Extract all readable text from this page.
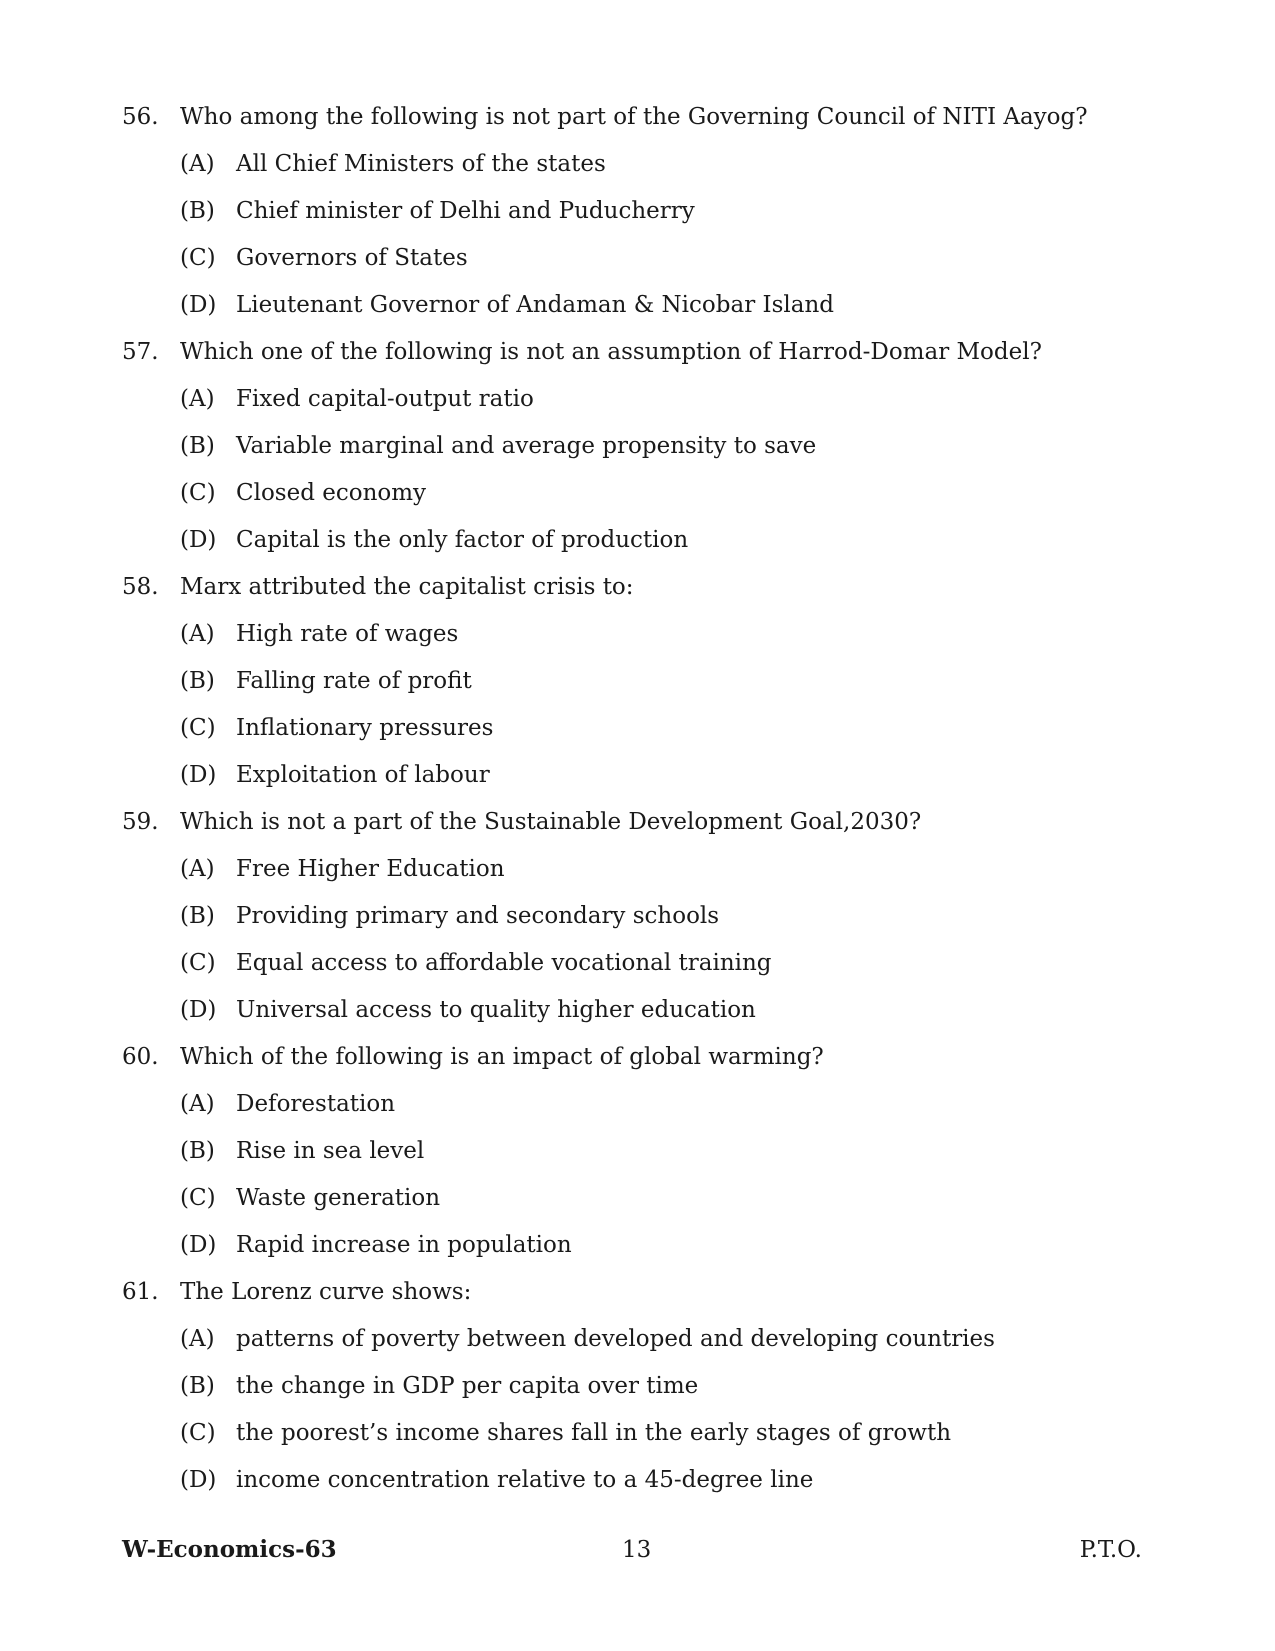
56. Who among the following is not part of the Governing Council of NITI Aayog?
(A) All Chief Ministers of the states
(B) Chief minister of Delhi and Puducherry
(C) Governors of States
(D) Lieutenant Governor of Andaman & Nicobar Island
57. Which one of the following is not an assumption of Harrod-Domar Model?
(A) Fixed capital-output ratio
(B) Variable marginal and average propensity to save
(C) Closed economy
(D) Capital is the only factor of production
58. Marx attributed the capitalist crisis to:
(A) High rate of wages
(B) Falling rate of profit
(C) Inflationary pressures
(D) Exploitation of labour
59. Which is not a part of the Sustainable Development Goal,2030?
(A) Free Higher Education
(B) Providing primary and secondary schools
(C) Equal access to affordable vocational training
(D) Universal access to quality higher education
60. Which of the following is an impact of global warming?
(A) Deforestation
(B) Rise in sea level
(C) Waste generation
(D) Rapid increase in population
61. The Lorenz curve shows:
(A) patterns of poverty between developed and developing countries
(B) the change in GDP per capita over time
(C) the poorest’s income shares fall in the early stages of growth
(D) income concentration relative to a 45-degree line
W-Economics-63	13	P.T.O.
